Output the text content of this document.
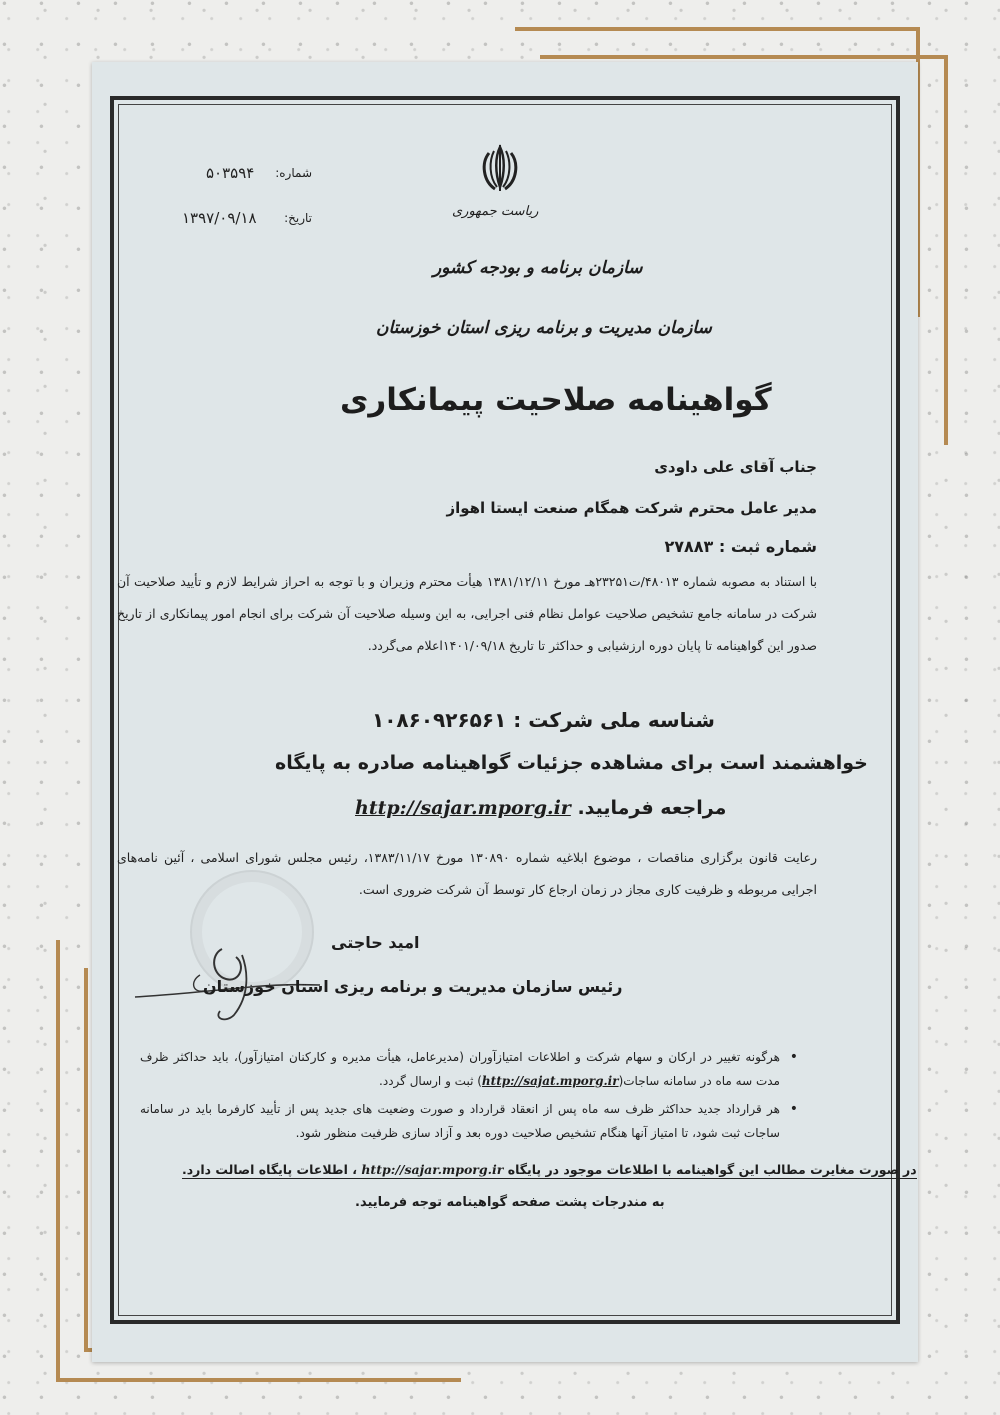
شماره:
۵۰۳۵۹۴
تاریخ:
۱۳۹۷/۰۹/۱۸	ریاست جمهوری
سازمان برنامه و بودجه کشور
سازمان مدیریت و برنامه ریزی استان خوزستان
گواهینامه صلاحیت پیمانکاری
جناب آقای علی داودی
مدیر عامل محترم شرکت همگام صنعت ایستا اهواز
شماره ثبت : ۲۷۸۸۳
با استناد به مصوبه شماره ۴۸۰۱۳/ت۲۳۲۵۱هـ مورخ ۱۳۸۱/۱۲/۱۱ هیأت محترم وزیران و با توجه به احراز شرایط لازم و تأیید صلاحیت آن شرکت در سامانه جامع تشخیص صلاحیت عوامل نظام فنی اجرایی، به این وسیله صلاحیت آن شرکت برای انجام امور پیمانکاری از تاریخ صدور این گواهینامه تا پایان دوره ارزشیابی و حداکثر تا تاریخ ۱۴۰۱/۰۹/۱۸اعلام می‌گردد.
شناسه ملی شرکت : ۱۰۸۶۰۹۲۶۵۶۱
خواهشمند است برای مشاهده جزئیات گواهینامه صادره به پایگاه
مراجعه فرمایید. http://sajar.mporg.ir
رعایت قانون برگزاری مناقصات ، موضوع ابلاغیه شماره ۱۳۰۸۹۰ مورخ ۱۳۸۳/۱۱/۱۷، رئیس مجلس شورای اسلامی ، آئین نامه‌های اجرایی مربوطه و ظرفیت کاری مجاز در زمان ارجاع کار توسط آن شرکت ضروری است.
امید حاجتی
رئیس سازمان مدیریت و برنامه ریزی استان خوزستان
• هرگونه تغییر در ارکان و سهام شرکت و اطلاعات امتیازآوران (مدیرعامل، هیأت مدیره و کارکنان امتیازآور)، باید حداکثر ظرف مدت سه ماه در سامانه ساجات(http://sajat.mporg.ir) ثبت و ارسال گردد.
• هر قرارداد جدید حداکثر ظرف سه ماه پس از انعقاد قرارداد و صورت وضعیت های جدید پس از تأیید کارفرما باید در سامانه ساجات ثبت شود، تا امتیاز آنها هنگام تشخیص صلاحیت دوره بعد و آزاد سازی ظرفیت منظور شود.
در صورت مغایرت مطالب این گواهینامه با اطلاعات موجود در پایگاه http://sajar.mporg.ir ، اطلاعات پایگاه اصالت دارد.
به مندرجات پشت صفحه گواهینامه توجه فرمایید.
